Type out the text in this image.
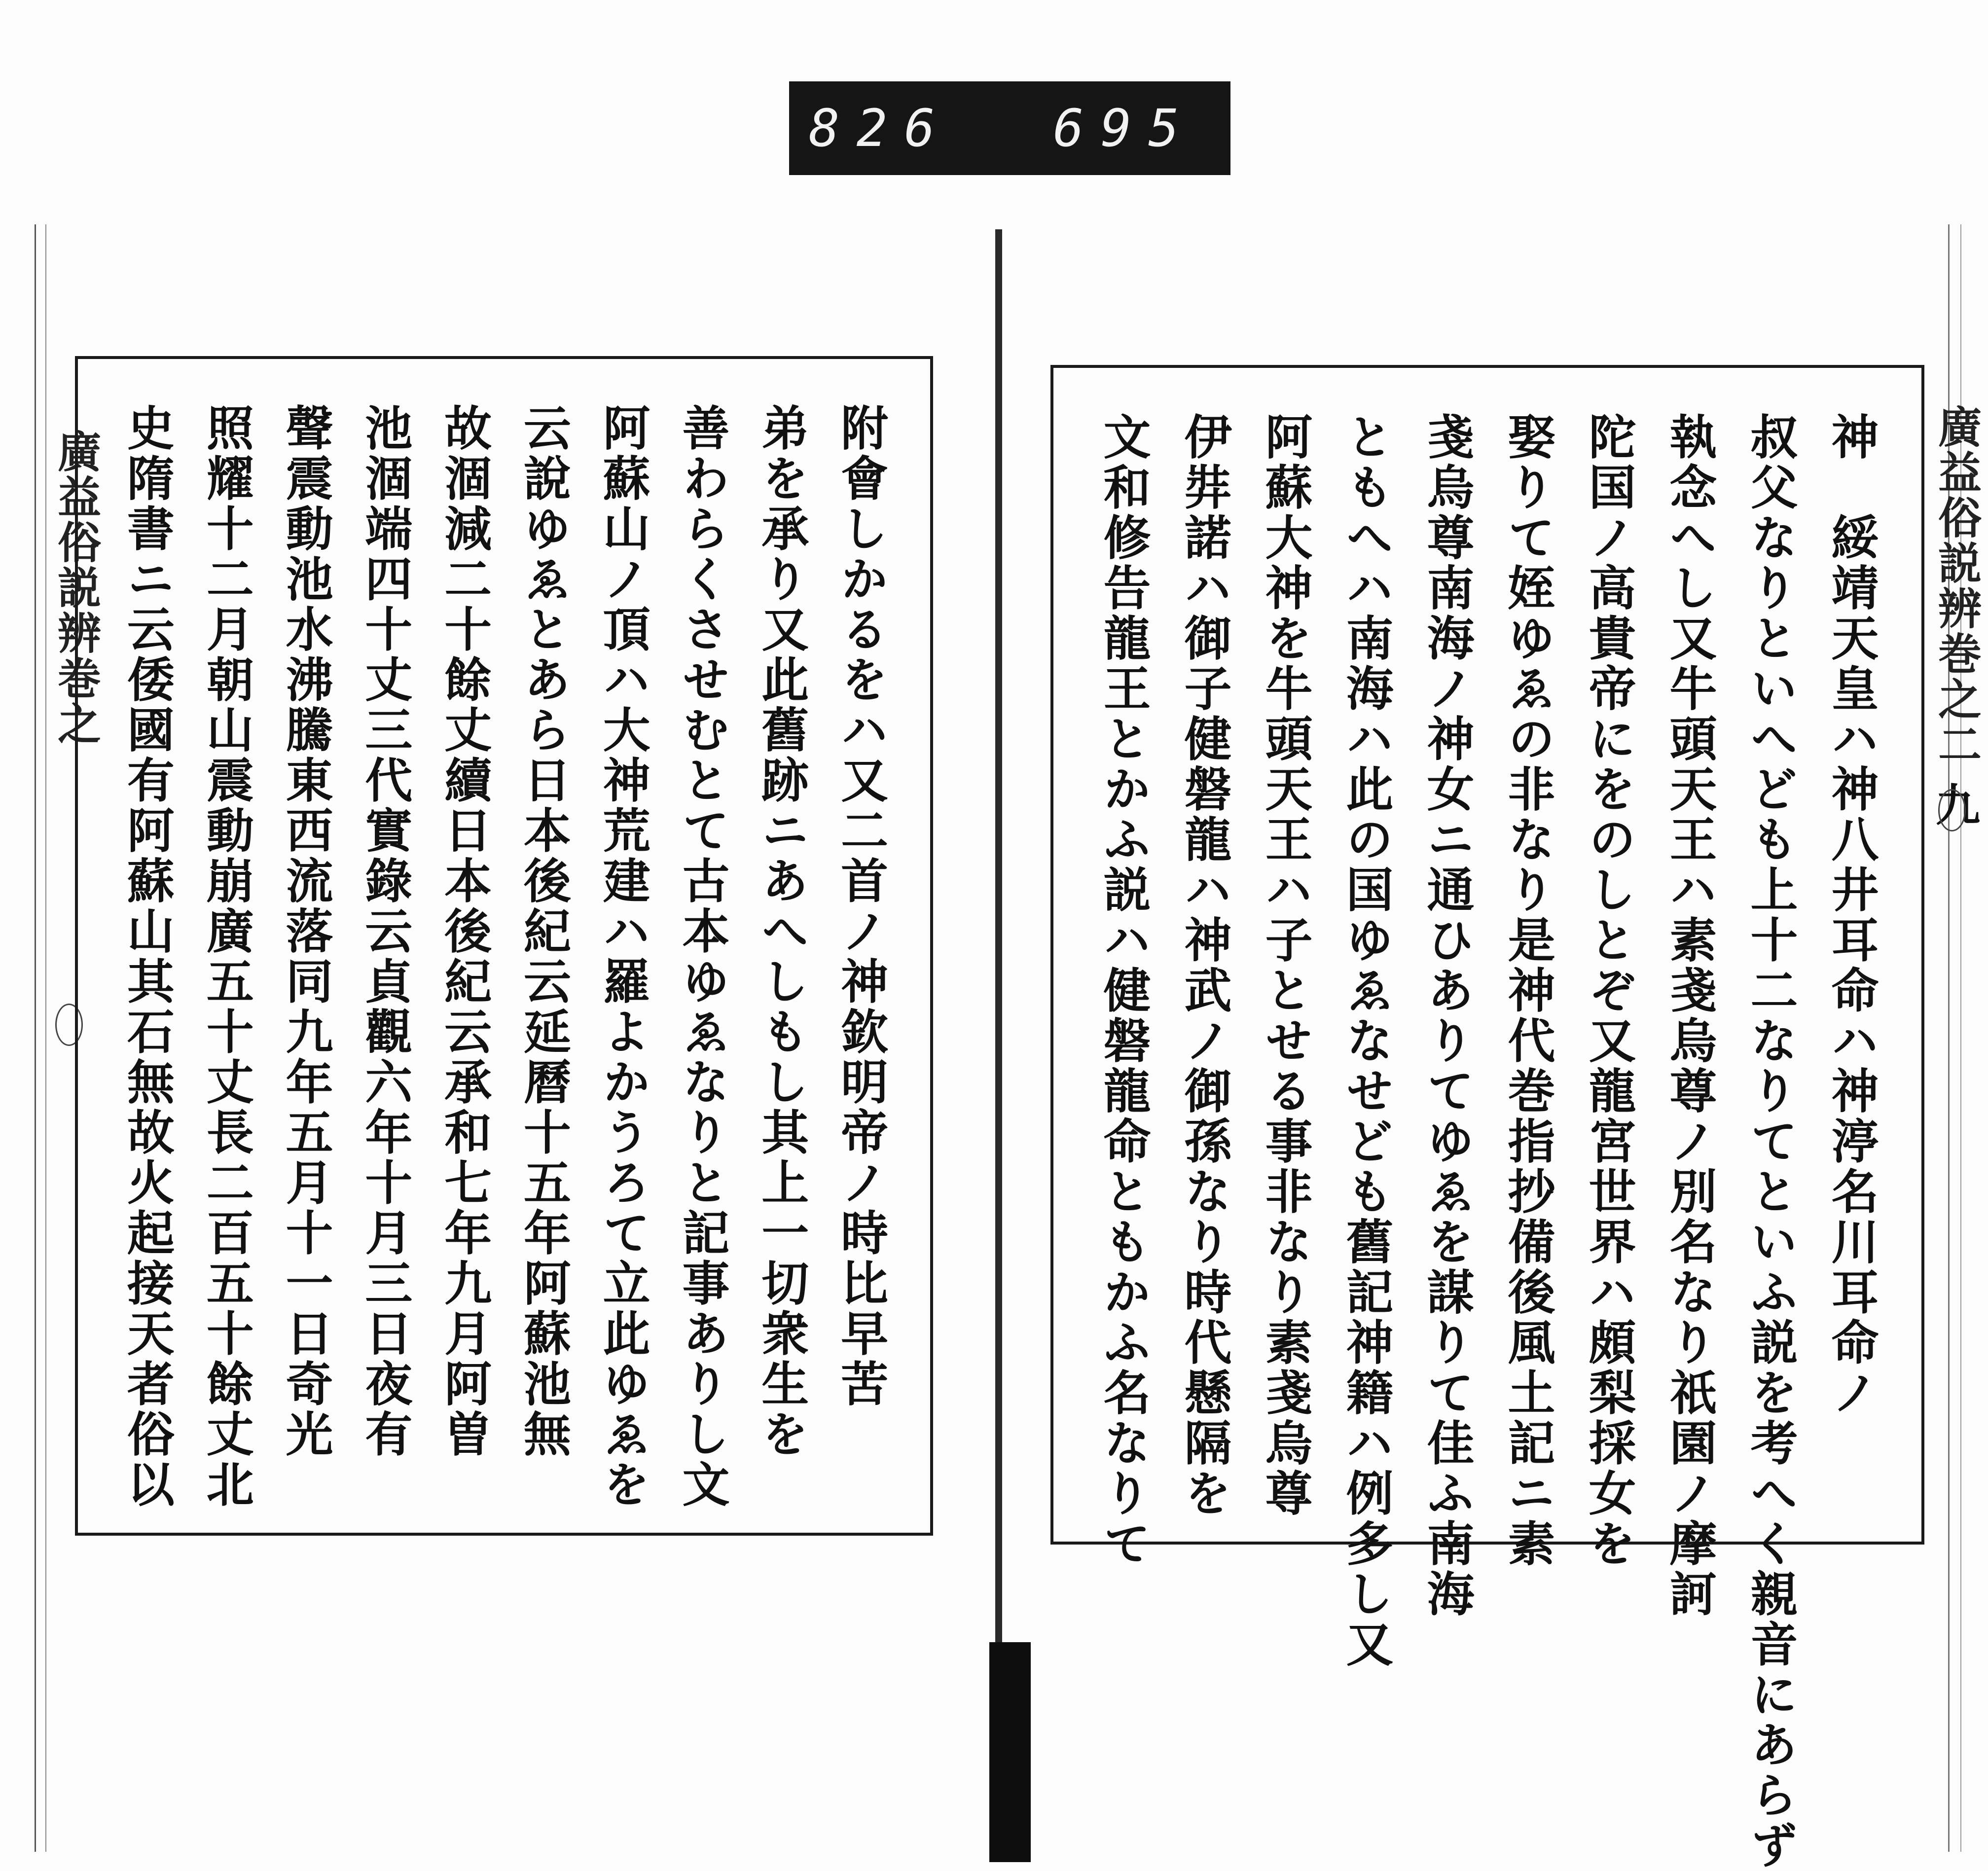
826 695
廣益俗説辨巻之	廣益俗説辨巻之二
九
附會しかるをハ又二首ノ神欽明帝ノ時比早苦
弟を承り又此舊跡ニあへしもし其上一切衆生を
善わらくさせむとて古本ゆゑなりと記事ありし文
阿蘇山ノ頂ハ大神荒建ハ羅よかうろて立此ゆゑを
云說ゆゑとあら日本後紀云延曆十五年阿蘇池無
故涸減二十餘丈續日本後紀云承和七年九月阿曽
池涸端四十丈三代實錄云貞觀六年十月三日夜有
聲震動池水沸騰東西流落同九年五月十一日奇光
照耀十二月朝山震動崩廣五十丈長二百五十餘丈北
史隋書ニ云倭國有阿蘇山其石無故火起接天者俗以	神　綏靖天皇ハ神八井耳命ハ神渟名川耳命ノ
叔父なりといへども上十二なりてといふ説を考へく親音にあらず
執念へし又牛頭天王ハ素戔烏尊ノ別名なり祇園ノ摩訶
陀国ノ高貴帝にをのしとぞ又龍宮世界ハ頗梨採女を
娶りて姪ゆゑの非なり是神代巻指抄備後風土記ニ素
戔烏尊南海ノ神女ニ通ひありてゆゑを謀りて佳ふ南海
ともへハ南海ハ此の国ゆゑなせども舊記神籍ハ例多し又
阿蘇大神を牛頭天王ハ子とせる事非なり素戔烏尊
伊弉諾ハ御子健磐龍ハ神武ノ御孫なり時代懸隔を
文和修告龍王とかふ説ハ健磐龍命ともかふ名なりて
